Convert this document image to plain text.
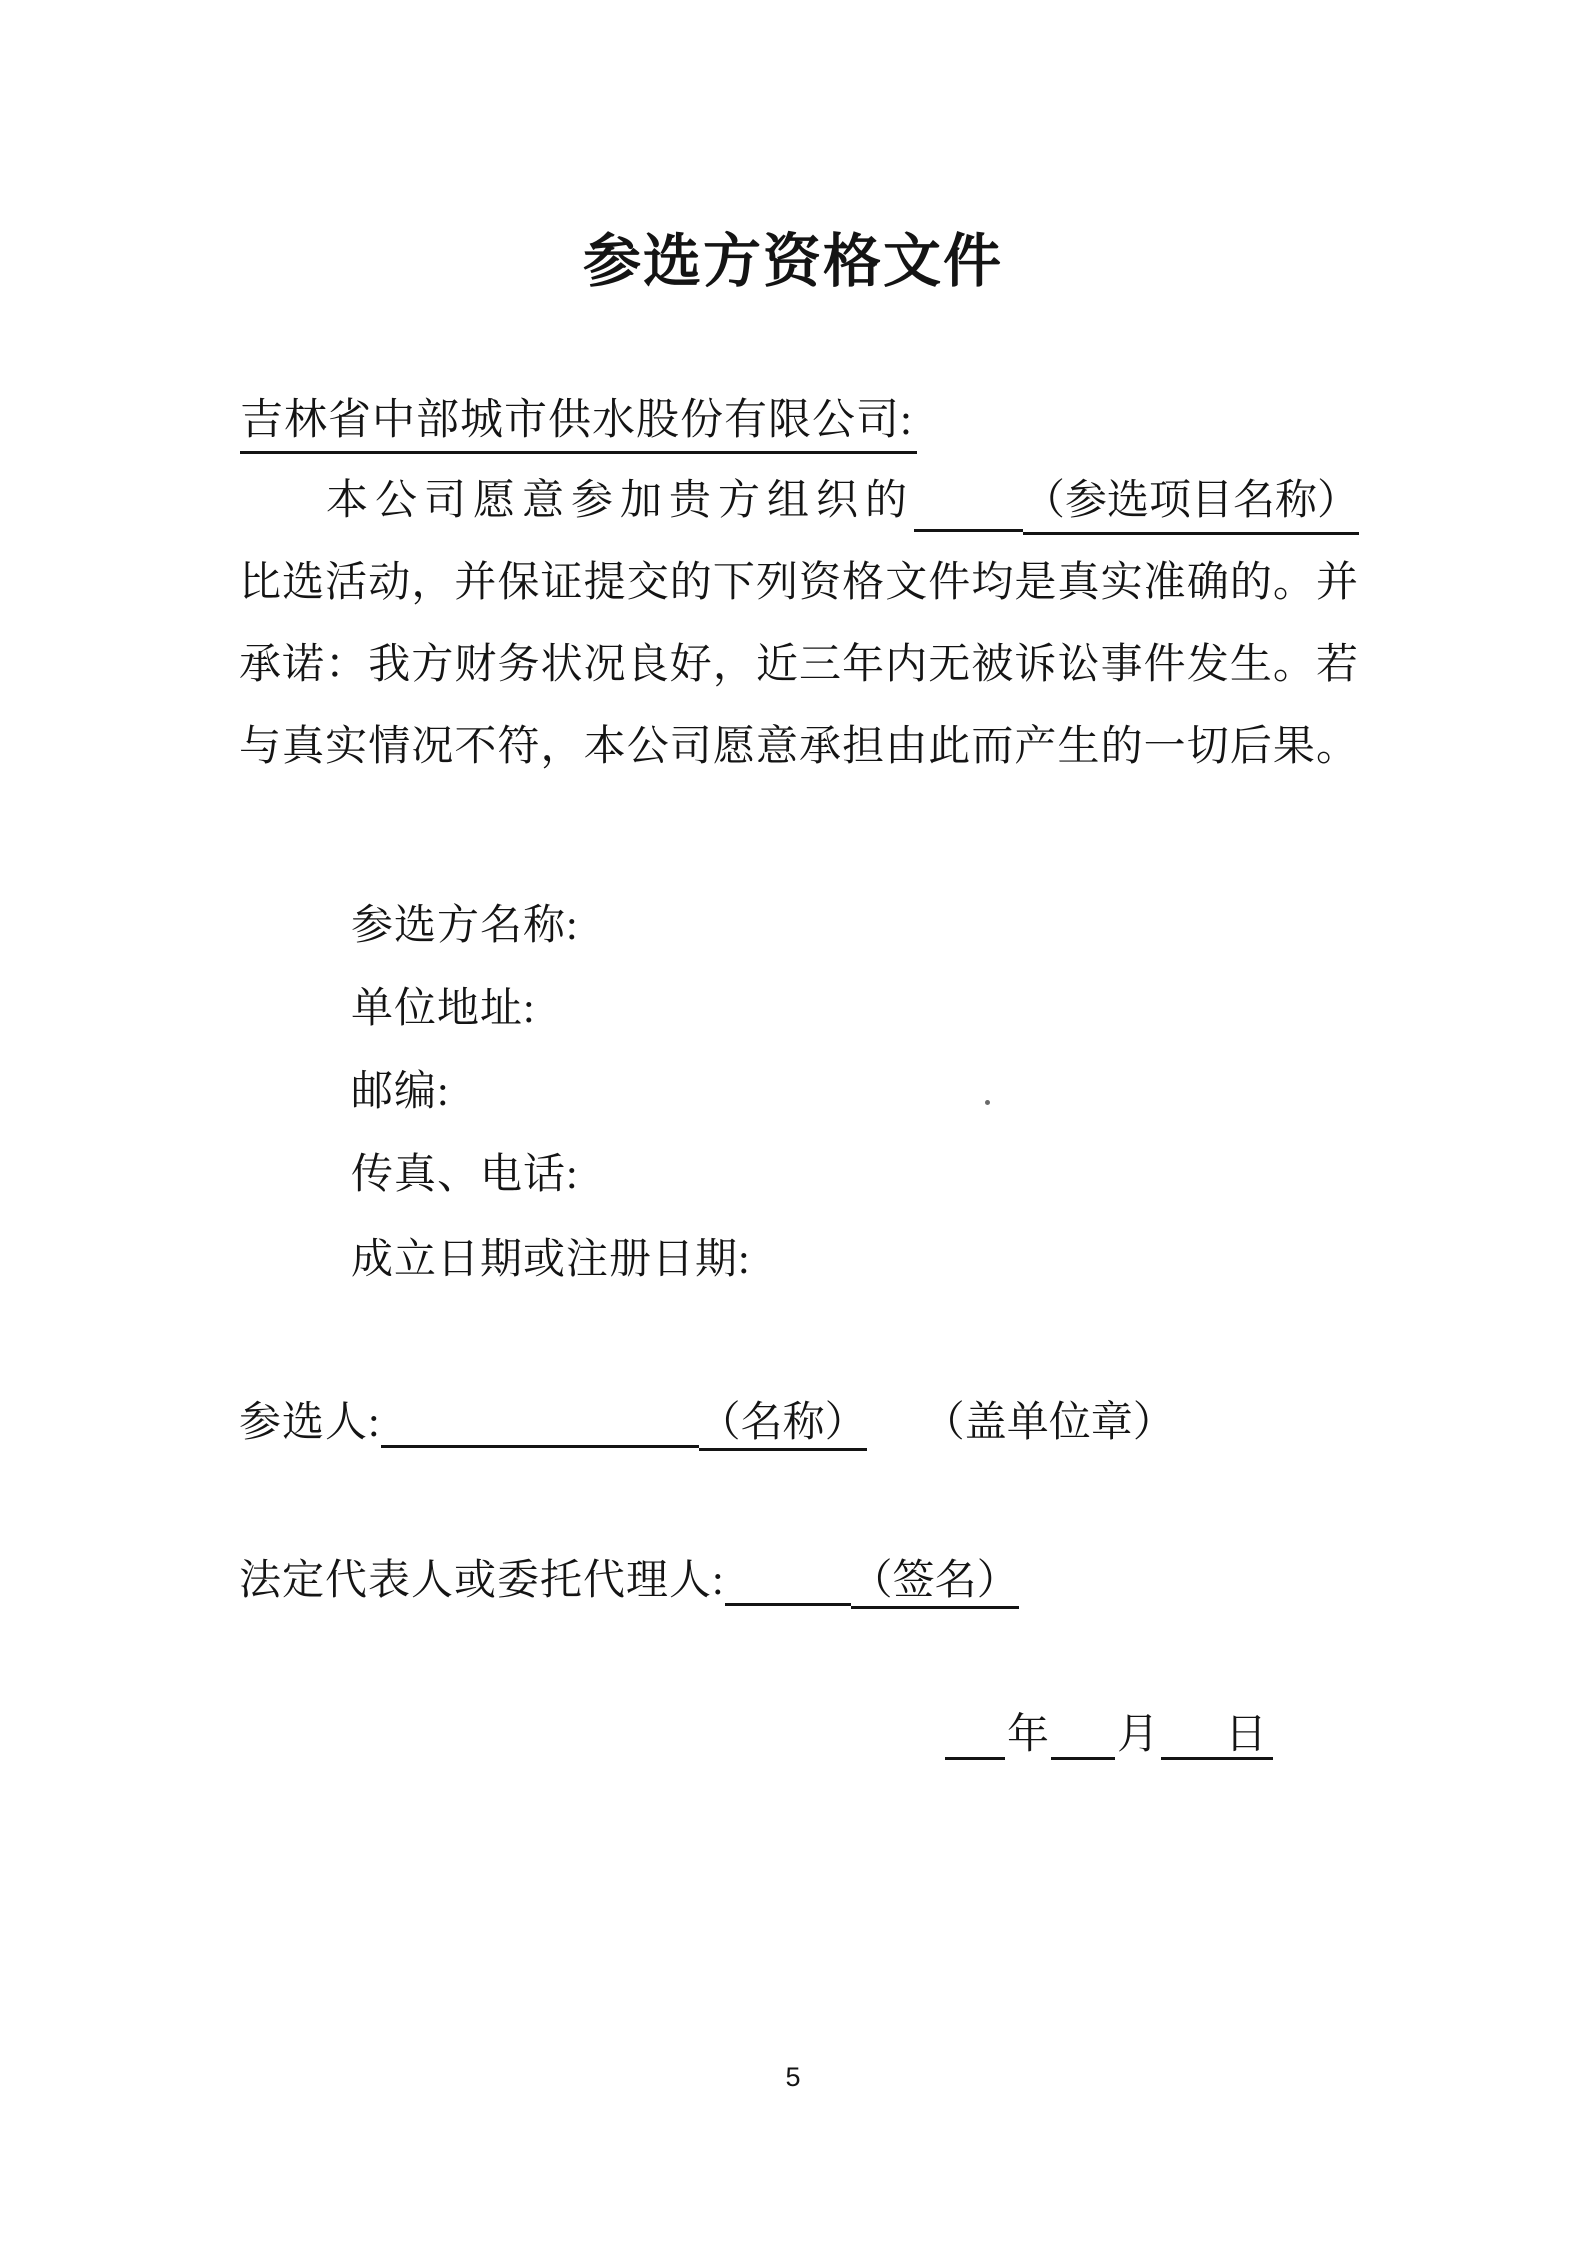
参选方资格文件
吉林省中部城市供水股份有限公司:
本公司愿意参加贵方组织的	（参选项目名称）
比选活动，并保证提交的下列资格文件均是真实准确的。并
承诺：我方财务状况良好，近三年内无被诉讼事件发生。若
与真实情况不符，本公司愿意承担由此而产生的一切后果。
参选方名称:
单位地址:
邮编:
传真、电话:
成立日期或注册日期:
参选人:	（名称） （盖单位章）
法定代表人或委托代理人:	（签名）
年 月	日
5
